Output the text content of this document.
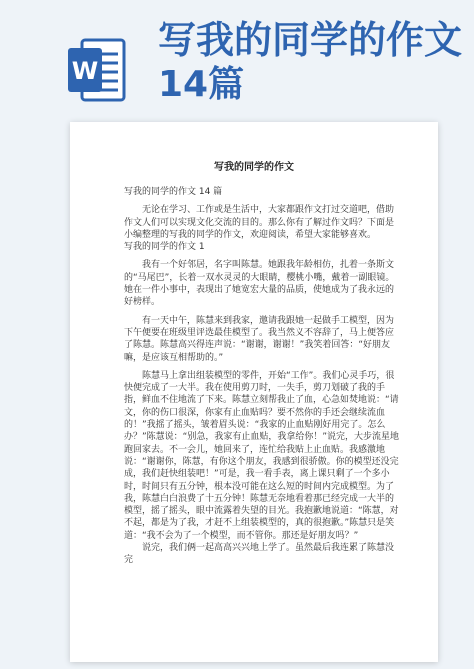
W
写我的同学的作文
14篇
写我的同学的作文

写我的同学的作文 14 篇

无论在学习、工作或是生活中，大家都跟作文打过交道吧，借助作文人们可以实现文化交流的目的。那么你有了解过作文吗？下面是小编整理的写我的同学的作文，欢迎阅读，希望大家能够喜欢。

写我的同学的作文 1

我有一个好邻居，名字叫陈慧。她跟我年龄相仿，扎着一条斯文的“马尾巴”，长着一双水灵灵的大眼睛，樱桃小嘴，戴着一副眼镜。她在一件小事中，表现出了她宽宏大量的品质，使她成为了我永远的好榜样。

有一天中午，陈慧来到我家，邀请我跟她一起做手工模型，因为下午便要在班级里评选最佳模型了。我当然义不容辞了，马上便答应了陈慧。陈慧高兴得连声说：“谢谢，谢谢！”我笑着回答：“好朋友嘛，是应该互相帮助的。”

陈慧马上拿出组装模型的零件，开始“工作”。我们心灵手巧，很快便完成了一大半。我在使用剪刀时，一失手，剪刀划破了我的手指，鲜血不住地流了下来。陈慧立刻帮我止了血，心急如焚地说：“请文，你的伤口很深，你家有止血贴吗？要不然你的手还会继续流血的！”我摇了摇头，皱着眉头说：“我家的止血贴刚好用完了。怎么办？”陈慧说：“别急，我家有止血贴，我拿给你！”说完，大步流星地跑回家去。不一会儿，她回来了，连忙给我贴上止血贴。我感激地说：“谢谢你，陈慧，有你这个朋友，我感到很骄傲。你的模型还没完成，我们赶快组装吧！”可是，我一看手表，离上课只剩了一个多小时，时间只有五分钟，根本没可能在这么短的时间内完成模型。为了我，陈慧白白浪费了十五分钟！陈慧无奈地看着那已经完成一大半的模型，摇了摇头，眼中流露着失望的目光。我抱歉地说道：“陈慧，对不起，都是为了我，才赶不上组装模型的，真的很抱歉。”陈慧只是笑道：“我不会为了一个模型，而不管你。那还是好朋友吗？”

说完，我们俩一起高高兴兴地上学了。虽然最后我连累了陈慧没完
